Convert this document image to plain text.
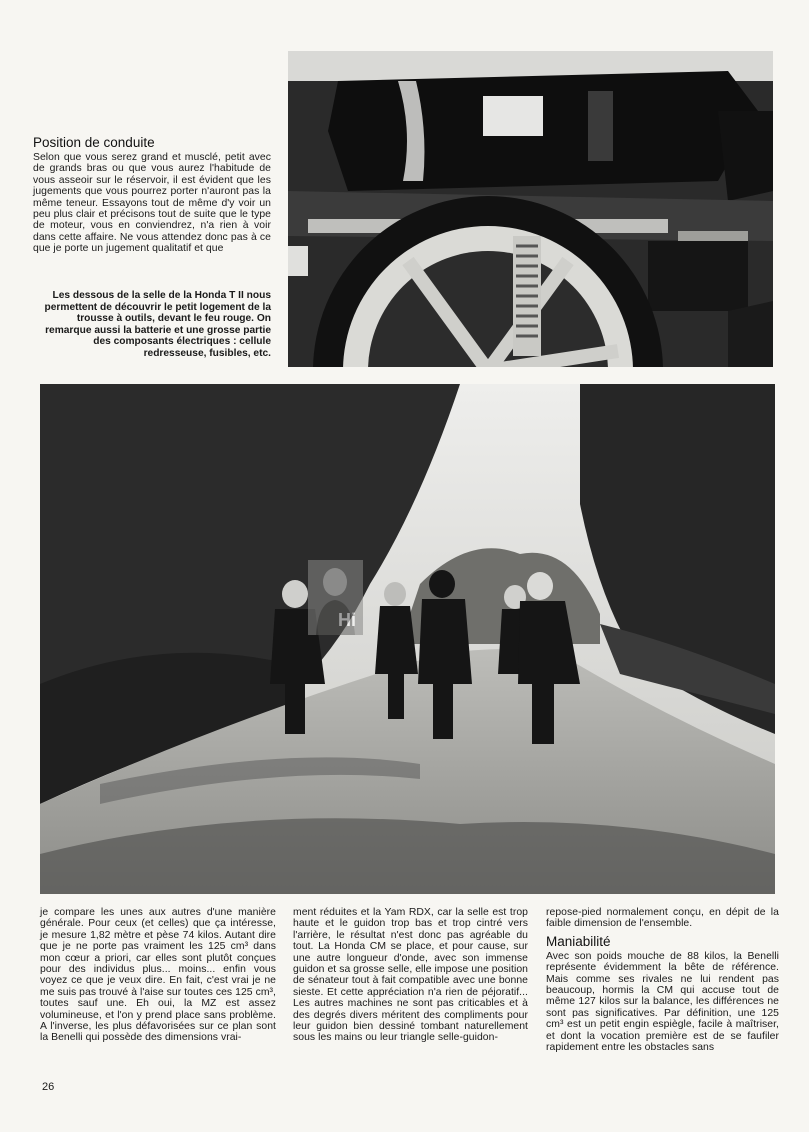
Position de conduite

Selon que vous serez grand et musclé, petit avec de grands bras ou que vous aurez l'habitude de vous asseoir sur le réservoir, il est évident que les jugements que vous pourrez porter n'auront pas la même teneur. Essayons tout de même d'y voir un peu plus clair et précisons tout de suite que le type de moteur, vous en conviendrez, n'a rien à voir dans cette affaire. Ne vous attendez donc pas à ce que je porte un jugement qualitatif et que

Les dessous de la selle de la Honda T II nous permettent de découvrir le petit logement de la trousse à outils, devant le feu rouge. On remarque aussi la batterie et une grosse partie des composants électriques : cellule redresseuse, fusibles, etc.

Hi

je compare les unes aux autres d'une manière générale. Pour ceux (et celles) que ça intéresse, je mesure 1,82 mètre et pèse 74 kilos. Autant dire que je ne porte pas vraiment les 125 cm³ dans mon cœur a priori, car elles sont plutôt conçues pour des individus plus... moins... enfin vous voyez ce que je veux dire. En fait, c'est vrai je ne me suis pas trouvé à l'aise sur toutes ces 125 cm³, toutes sauf une. Eh oui, la MZ est assez volumineuse, et l'on y prend place sans problème. A l'inverse, les plus défavorisées sur ce plan sont la Benelli qui possède des dimensions vrai-

ment réduites et la Yam RDX, car la selle est trop haute et le guidon trop bas et trop cintré vers l'arrière, le résultat n'est donc pas agréable du tout. La Honda CM se place, et pour cause, sur une autre longueur d'onde, avec son immense guidon et sa grosse selle, elle impose une position de sénateur tout à fait compatible avec une bonne sieste. Et cette appréciation n'a rien de péjoratif... Les autres machines ne sont pas criticables et à des degrés divers méritent des compliments pour leur guidon bien dessiné tombant naturellement sous les mains ou leur triangle selle-guidon-

repose-pied normalement conçu, en dépit de la faible dimension de l'ensemble.

Maniabilité

Avec son poids mouche de 88 kilos, la Benelli représente évidemment la bête de référence. Mais comme ses rivales ne lui rendent pas beaucoup, hormis la CM qui accuse tout de même 127 kilos sur la balance, les différences ne sont pas significatives. Par définition, une 125 cm³ est un petit engin espiègle, facile à maîtriser, et dont la vocation première est de se faufiler rapidement entre les obstacles sans

26
